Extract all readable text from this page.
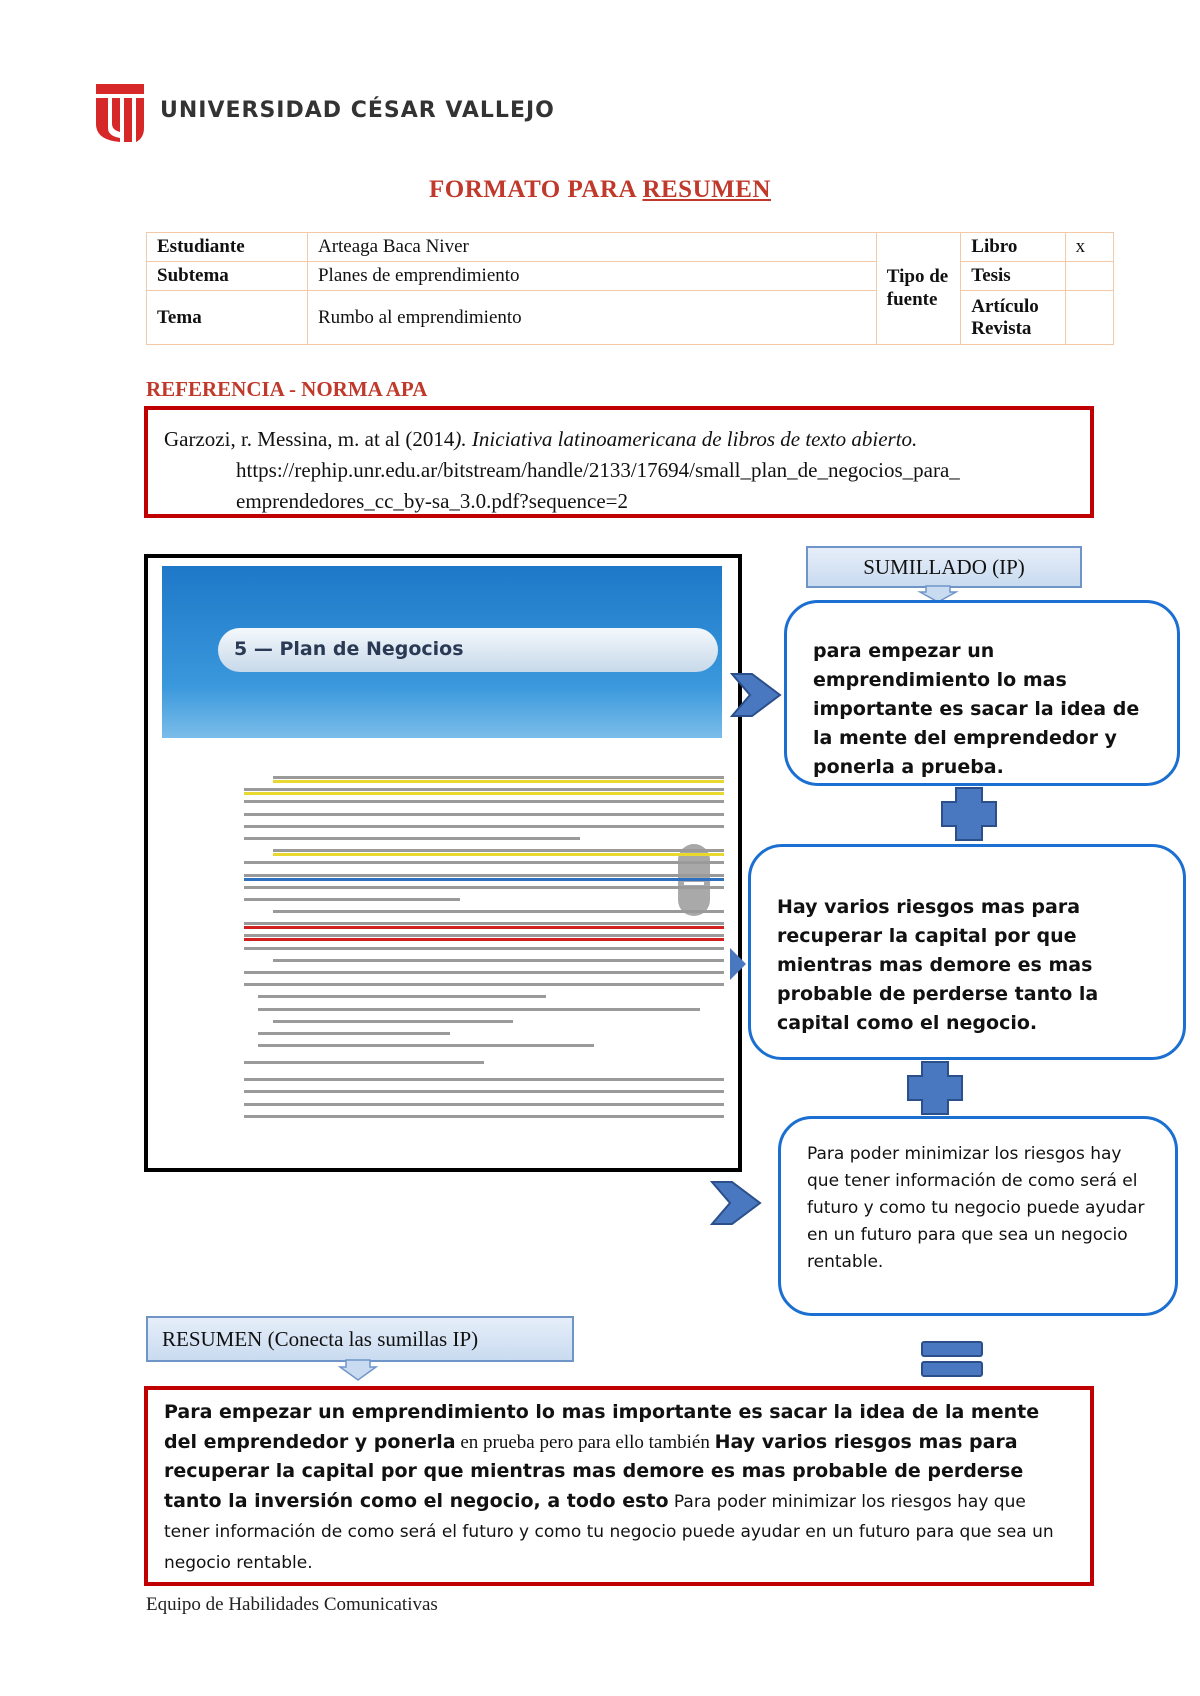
UNIVERSIDAD CÉSAR VALLEJO
FORMATO PARA RESUMEN
Estudiante	Arteaga Baca Niver	Tipo de fuente	Libro	x
Subtema	Planes de emprendimiento		Tesis	
Tema	Rumbo al emprendimiento		Artículo Revista	
REFERENCIA - NORMA APA
Garzozi, r. Messina, m. at al (2014). Iniciativa latinoamericana de libros de texto abierto.
https://rephip.unr.edu.ar/bitstream/handle/2133/17694/small_plan_de_negocios_para_
emprendedores_cc_by-sa_3.0.pdf?sequence=2
5 — Plan de Negocios
SUMILLADO (IP)
para empezar un emprendimiento lo mas importante es sacar la idea de la mente del emprendedor y ponerla a prueba.
Hay varios riesgos mas para recuperar la capital por que mientras mas demore es mas probable de perderse tanto la capital como el negocio.
Para poder minimizar los riesgos hay que tener información de como será el futuro y como tu negocio puede ayudar en un futuro para que sea un negocio rentable.
RESUMEN (Conecta las sumillas IP)
Para empezar un emprendimiento lo mas importante es sacar la idea de la mente del emprendedor y ponerla en prueba pero para ello también Hay varios riesgos mas para recuperar la capital por que mientras mas demore es mas probable de perderse tanto la inversión como el negocio, a todo esto Para poder minimizar los riesgos hay que tener información de como será el futuro y como tu negocio puede ayudar en un futuro para que sea un negocio rentable.
Equipo de Habilidades Comunicativas
